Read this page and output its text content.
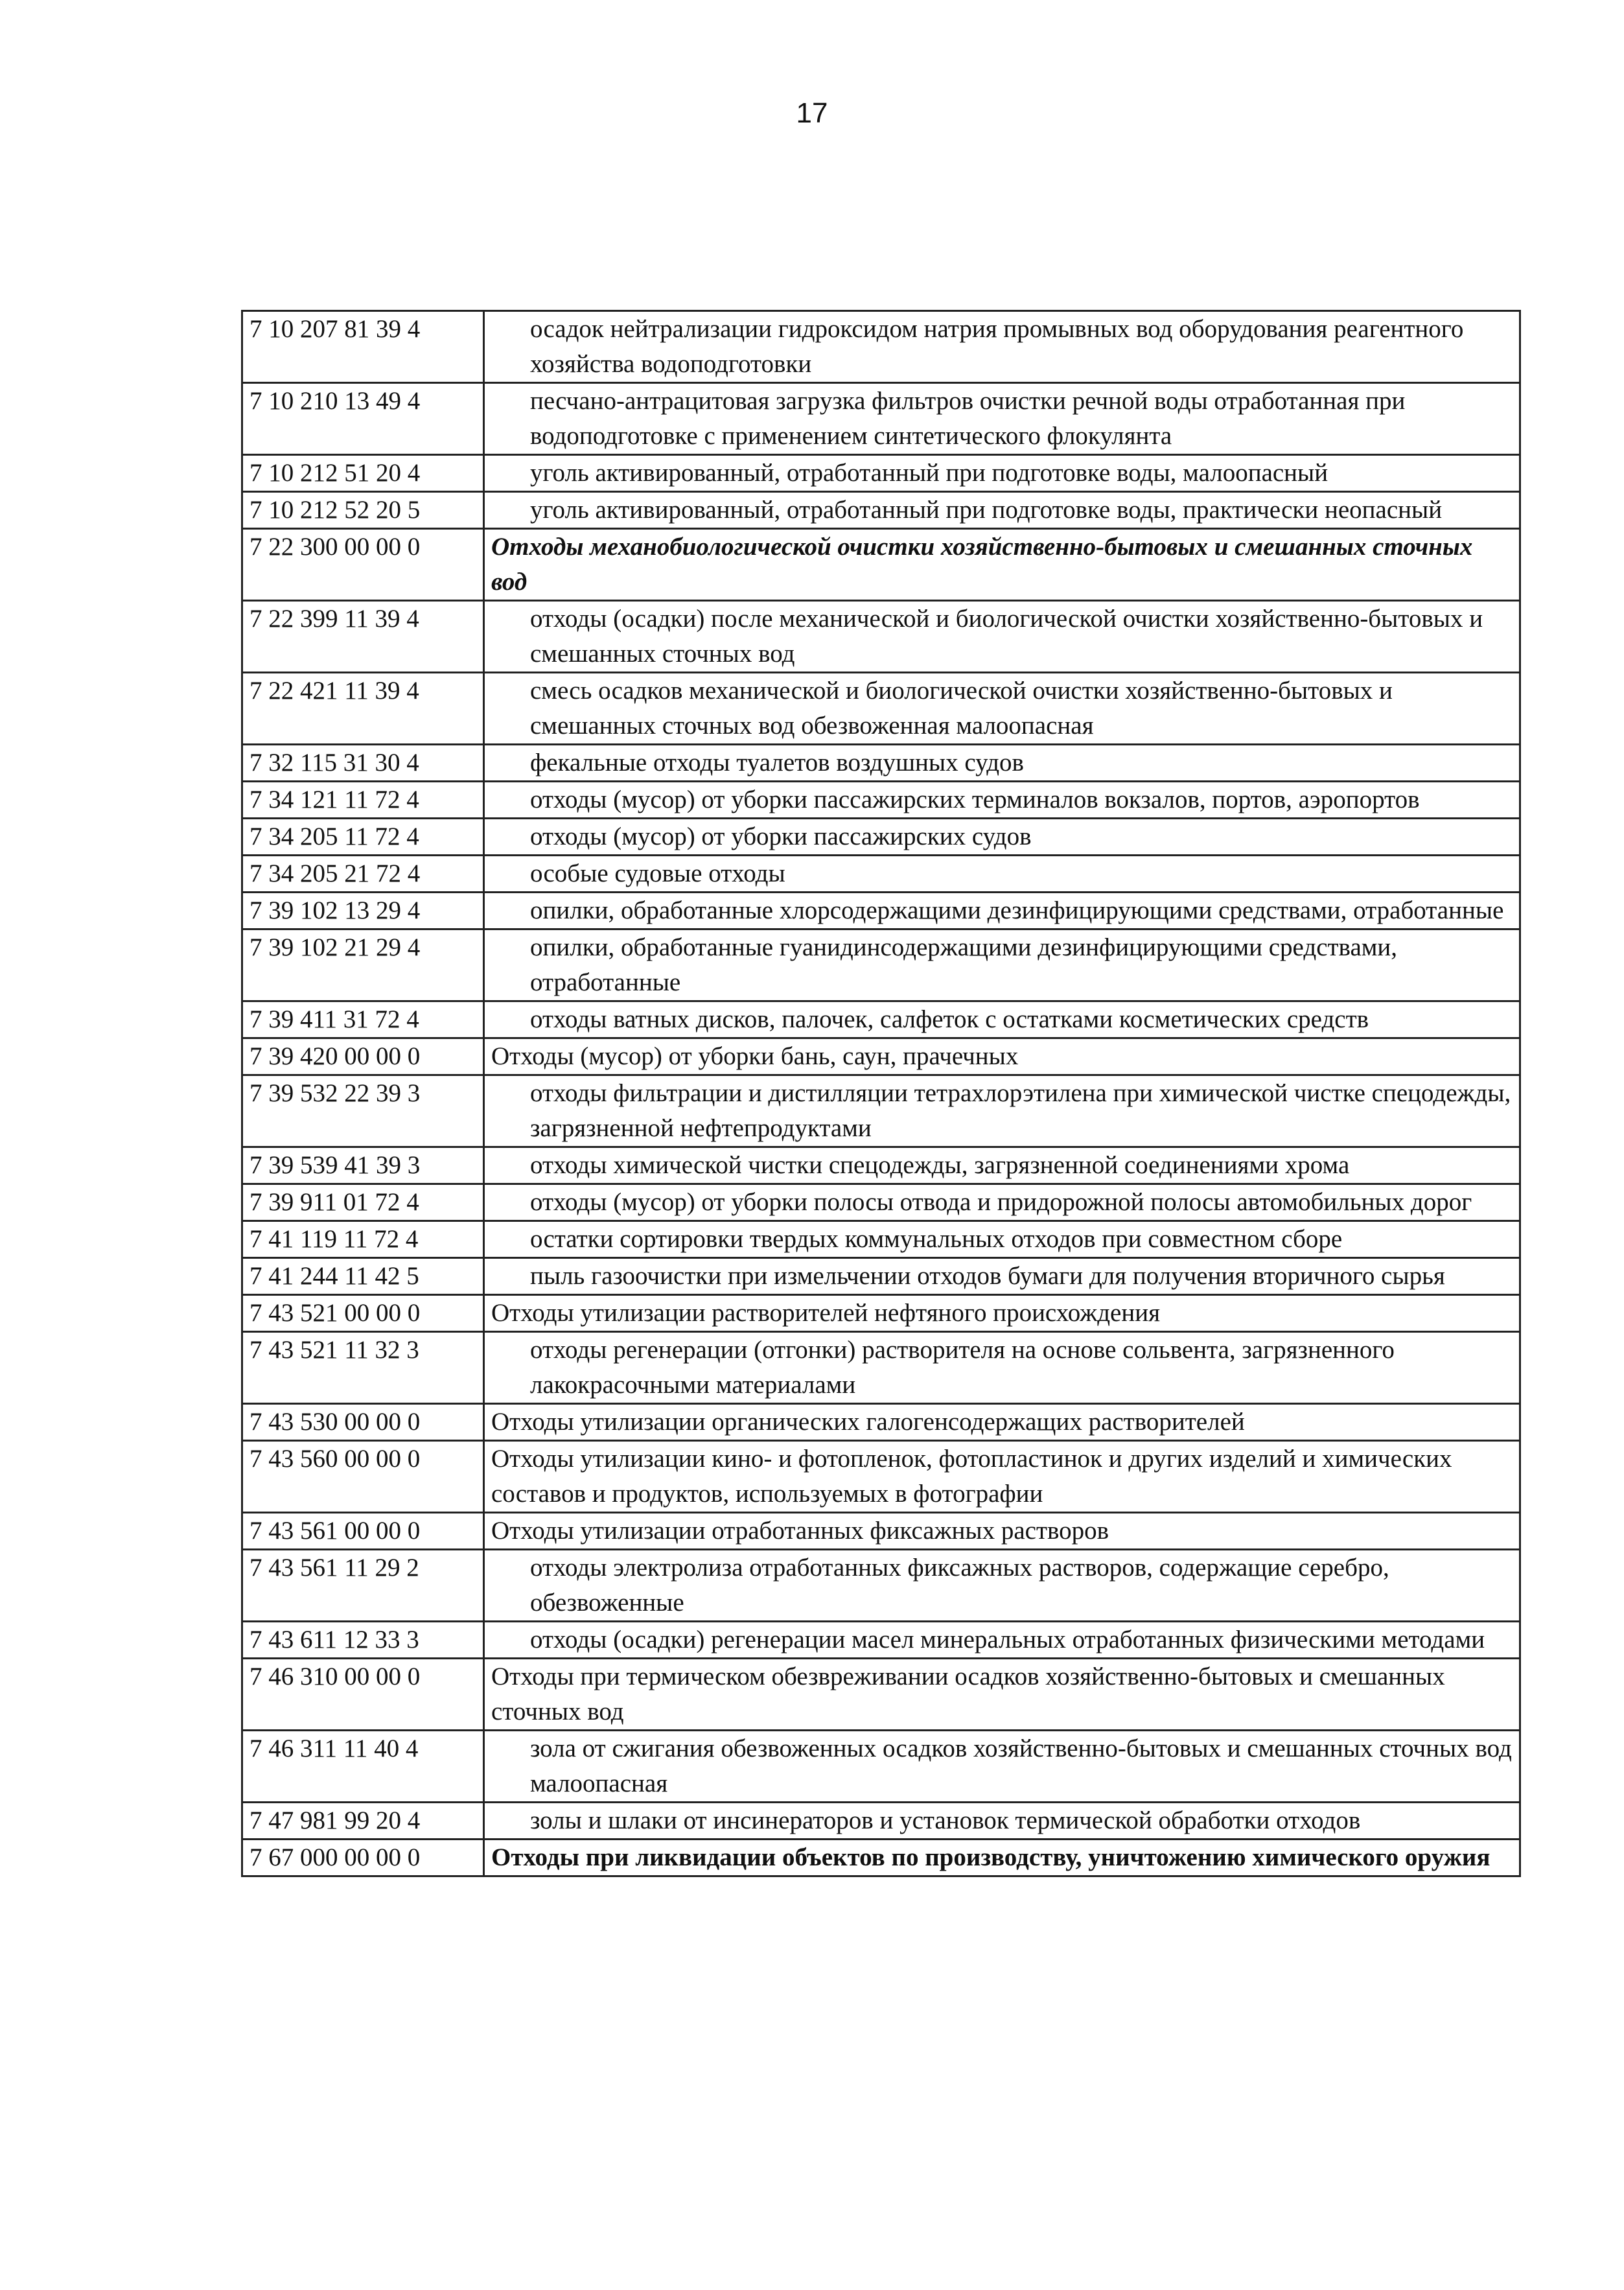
17
7 10 207 81 39 4	осадок нейтрализации гидроксидом натрия промывных вод оборудования реагентного хозяйства водоподготовки
7 10 210 13 49 4	песчано-антрацитовая загрузка фильтров очистки речной воды отработанная при водоподготовке с применением синтетического флокулянта
7 10 212 51 20 4	уголь активированный, отработанный при подготовке воды, малоопасный
7 10 212 52 20 5	уголь активированный, отработанный при подготовке воды, практически неопасный
7 22 300 00 00 0	Отходы механобиологической очистки хозяйственно-бытовых и смешанных сточных вод
7 22 399 11 39 4	отходы (осадки) после механической и биологической очистки хозяйственно-бытовых и смешанных сточных вод
7 22 421 11 39 4	смесь осадков механической и биологической очистки хозяйственно-бытовых и смешанных сточных вод обезвоженная малоопасная
7 32 115 31 30 4	фекальные отходы туалетов воздушных судов
7 34 121 11 72 4	отходы (мусор) от уборки пассажирских терминалов вокзалов, портов, аэропортов
7 34 205 11 72 4	отходы (мусор) от уборки пассажирских судов
7 34 205 21 72 4	особые судовые отходы
7 39 102 13 29 4	опилки, обработанные хлорсодержащими дезинфицирующими средствами, отработанные
7 39 102 21 29 4	опилки, обработанные гуанидинсодержащими дезинфицирующими средствами, отработанные
7 39 411 31 72 4	отходы ватных дисков, палочек, салфеток с остатками косметических средств
7 39 420 00 00 0	Отходы (мусор) от уборки бань, саун, прачечных
7 39 532 22 39 3	отходы фильтрации и дистилляции тетрахлорэтилена при химической чистке спецодежды, загрязненной нефтепродуктами
7 39 539 41 39 3	отходы химической чистки спецодежды, загрязненной соединениями хрома
7 39 911 01 72 4	отходы (мусор) от уборки полосы отвода и придорожной полосы автомобильных дорог
7 41 119 11 72 4	остатки сортировки твердых коммунальных отходов при совместном сборе
7 41 244 11 42 5	пыль газоочистки при измельчении отходов бумаги для получения вторичного сырья
7 43 521 00 00 0	Отходы утилизации растворителей нефтяного происхождения
7 43 521 11 32 3	отходы регенерации (отгонки) растворителя на основе сольвента, загрязненного лакокрасочными материалами
7 43 530 00 00 0	Отходы утилизации органических галогенсодержащих растворителей
7 43 560 00 00 0	Отходы утилизации кино- и фотопленок, фотопластинок и других изделий и химических составов и продуктов, используемых в фотографии
7 43 561 00 00 0	Отходы утилизации отработанных фиксажных растворов
7 43 561 11 29 2	отходы электролиза отработанных фиксажных растворов, содержащие серебро, обезвоженные
7 43 611 12 33 3	отходы (осадки) регенерации масел минеральных отработанных физическими методами
7 46 310 00 00 0	Отходы при термическом обезвреживании осадков хозяйственно-бытовых и смешанных сточных вод
7 46 311 11 40 4	зола от сжигания обезвоженных осадков хозяйственно-бытовых и смешанных сточных вод малоопасная
7 47 981 99 20 4	золы и шлаки от инсинераторов и установок термической обработки отходов
7 67 000 00 00 0	Отходы при ликвидации объектов по производству, уничтожению химического оружия
